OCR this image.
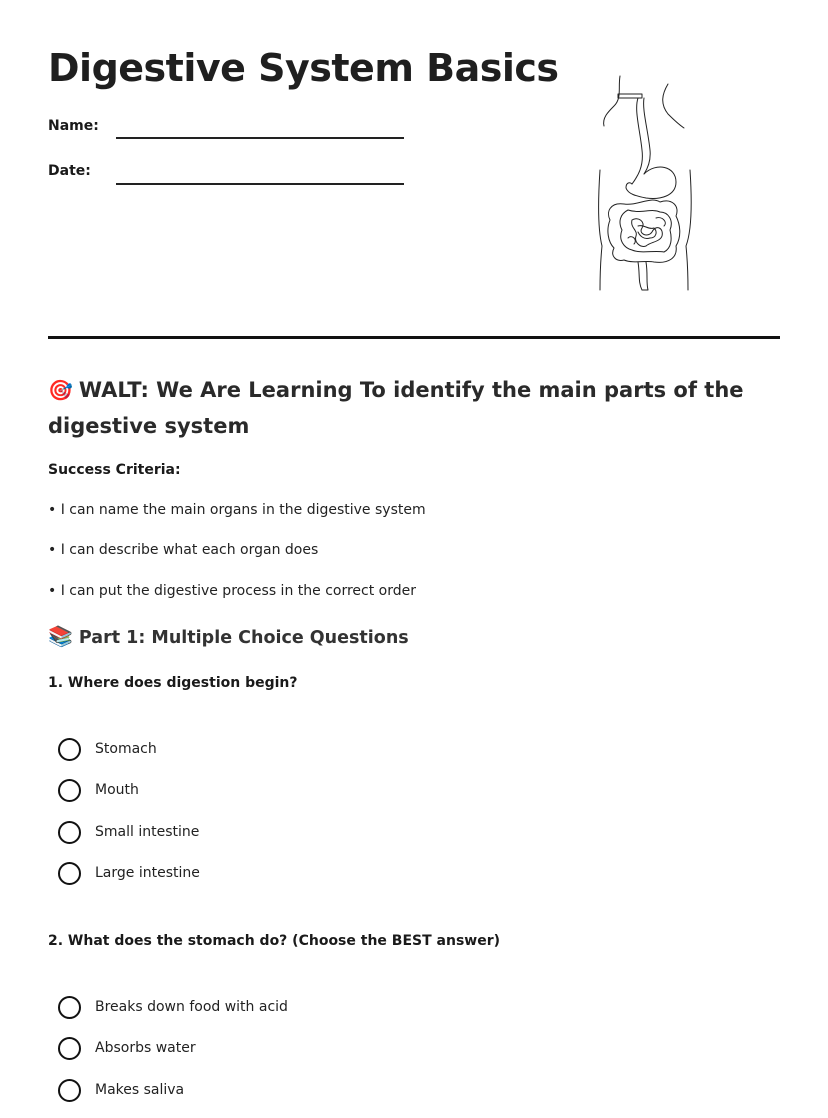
Digestive System Basics
Name:
Date:
🎯 WALT: We Are Learning To identify the main parts of the digestive system
Success Criteria:
• I can name the main organs in the digestive system
• I can describe what each organ does
• I can put the digestive process in the correct order
📚 Part 1: Multiple Choice Questions
1. Where does digestion begin?
Stomach
Mouth
Small intestine
Large intestine
2. What does the stomach do? (Choose the BEST answer)
Breaks down food with acid
Absorbs water
Makes saliva
